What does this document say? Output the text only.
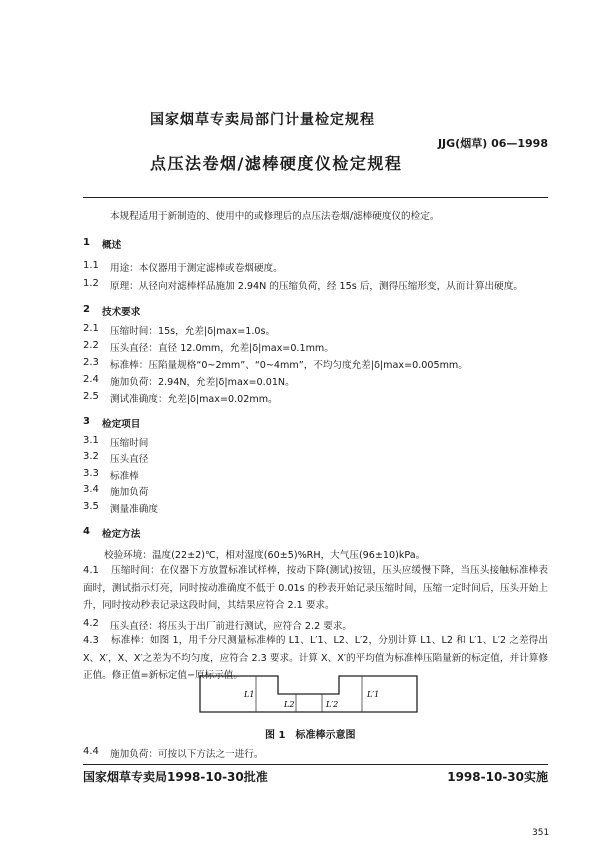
国家烟草专卖局部门计量检定规程
JJG(烟草) 06—1998
点压法卷烟/滤棒硬度仪检定规程
本规程适用于新制造的、使用中的或修理后的点压法卷烟/滤棒硬度仪的检定。
1 概述
1.1 用途：本仪器用于测定滤棒或卷烟硬度。
1.2 原理：从径向对滤棒样品施加 2.94N 的压缩负荷，经 15s 后，测得压缩形变，从而计算出硬度。
2 技术要求
2.1 压缩时间：15s，允差|δ|max=1.0s。
2.2 压头直径：直径 12.0mm，允差|δ|max=0.1mm。
2.3 标准棒：压陷量规格“0~2mm”、“0~4mm”，不均匀度允差|δ|max=0.005mm。
2.4 施加负荷：2.94N，允差|δ|max=0.01N。
2.5 测试准确度：允差|δ|max=0.02mm。
3 检定项目
3.1 压缩时间
3.2 压头直径
3.3 标准棒
3.4 施加负荷
3.5 测量准确度
4 检定方法
校验环境：温度(22±2)℃，相对湿度(60±5)%RH，大气压(96±10)kPa。
4.1 压缩时间：在仪器下方放置标准试样棒，按动下降(测试)按钮，压头应缓慢下降，当压头接触标准棒表面时，测试指示灯亮，同时按动准确度不低于 0.01s 的秒表开始记录压缩时间，压缩一定时间后，压头开始上升，同时按动秒表记录这段时间，其结果应符合 2.1 要求。
4.2 压头直径：将压头于出厂前进行测试，应符合 2.2 要求。
4.3 标准棒：如图 1，用千分尺测量标准棒的 L1、L′1、L2、L′2，分别计算 L1、L2 和 L′1、L′2 之差得出 X、X′，X、X′之差为不均匀度，应符合 2.3 要求。计算 X、X′的平均值为标准棒压陷量新的标定值，并计算修正值。修正值=新标定值−原标示值。
L1
L2	L′2
L′1
图 1　标准棒示意图
4.4 施加负荷：可按以下方法之一进行。
国家烟草专卖局1998-10-30批准	1998-10-30实施
351
